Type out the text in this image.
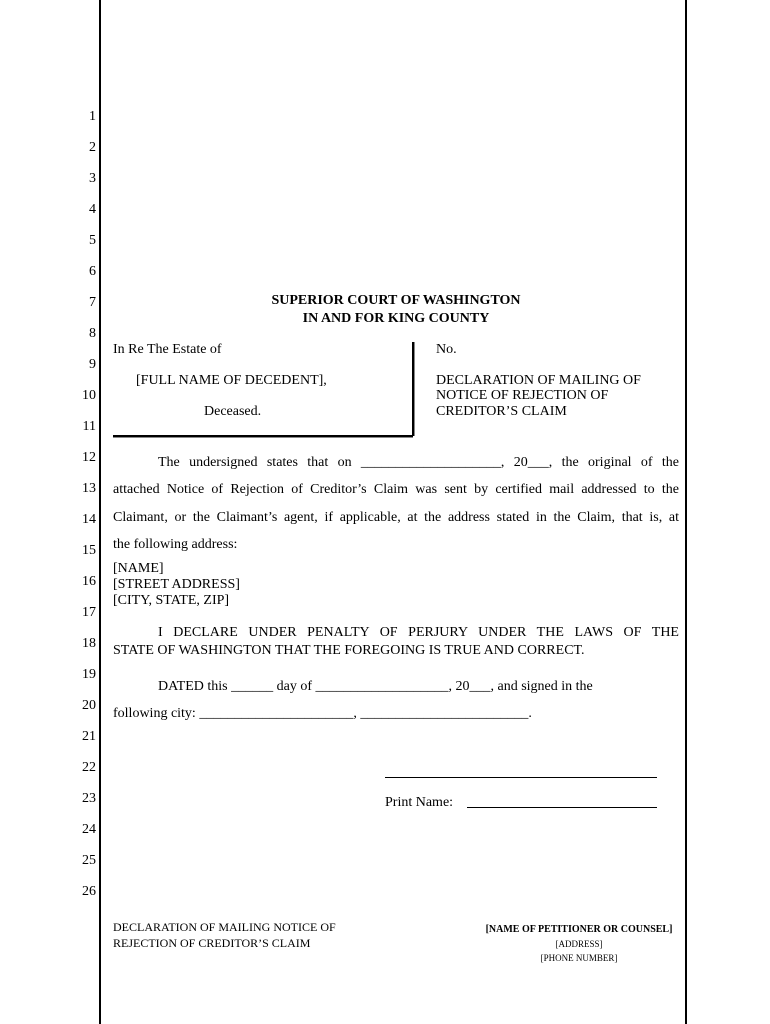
1
2
3
4
5
6
7
8
9
10
11
12
13
14
15
16
17
18
19
20
21
22
23
24
25
26
SUPERIOR COURT OF WASHINGTON
IN AND FOR KING COUNTY
In Re The Estate of
[FULL NAME OF DECEDENT],
Deceased.
No.
DECLARATION OF MAILING OF
NOTICE OF REJECTION OF
CREDITOR’S CLAIM
The undersigned states that on ____________________, 20___, the original of the
attached Notice of Rejection of Creditor’s Claim was sent by certified mail addressed to the
Claimant, or the Claimant’s agent, if applicable, at the address stated in the Claim, that is, at
the following address:
[NAME]
[STREET ADDRESS]
[CITY, STATE, ZIP]
I DECLARE UNDER PENALTY OF PERJURY UNDER THE LAWS OF THE
STATE OF WASHINGTON THAT THE FOREGOING IS TRUE AND CORRECT.
DATED this ______ day of ___________________, 20___, and signed in the
following city: ______________________, ________________________.
Print Name:
DECLARATION OF MAILING NOTICE OF
REJECTION OF CREDITOR’S CLAIM
[NAME OF PETITIONER OR COUNSEL]
[ADDRESS]
[PHONE NUMBER]
